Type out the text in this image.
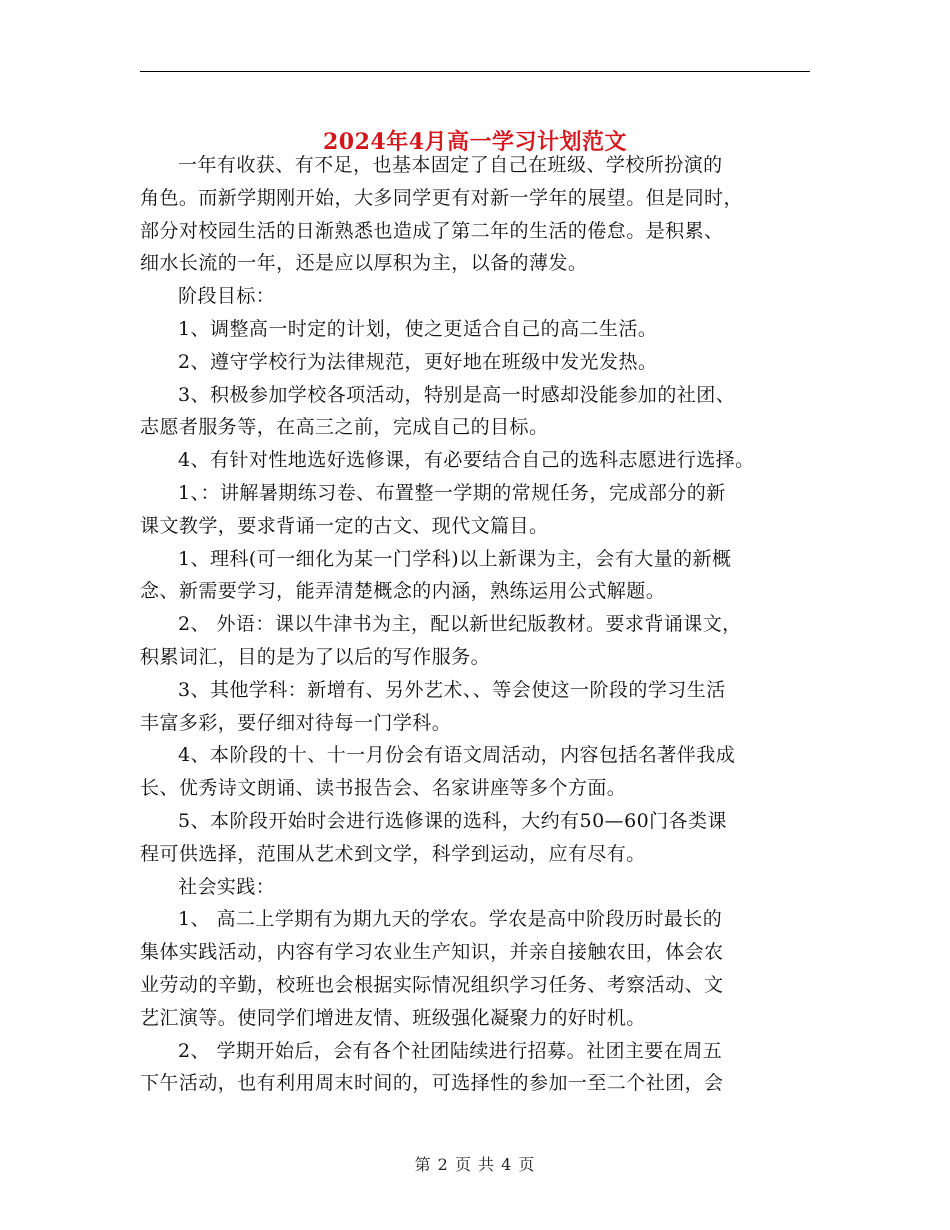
2024年4月高一学习计划范文

一年有收获、有不足，也基本固定了自己在班级、学校所扮演的
角色。而新学期刚开始，大多同学更有对新一学年的展望。但是同时，
部分对校园生活的日渐熟悉也造成了第二年的生活的倦怠。是积累、
细水长流的一年，还是应以厚积为主，以备的薄发。

阶段目标：

1、调整高一时定的计划，使之更适合自己的高二生活。

2、遵守学校行为法律规范，更好地在班级中发光发热。

3、积极参加学校各项活动，特别是高一时感却没能参加的社团、
志愿者服务等，在高三之前，完成自己的目标。

4、有针对性地选好选修课，有必要结合自己的选科志愿进行选择。

1、：讲解暑期练习卷、布置整一学期的常规任务，完成部分的新
课文教学，要求背诵一定的古文、现代文篇目。

1、理科(可一细化为某一门学科)以上新课为主，会有大量的新概
念、新需要学习，能弄清楚概念的内涵，熟练运用公式解题。

2、 外语：课以牛津书为主，配以新世纪版教材。要求背诵课文，
积累词汇，目的是为了以后的写作服务。

3、其他学科：新增有、另外艺术、、等会使这一阶段的学习生活
丰富多彩，要仔细对待每一门学科。

4、本阶段的十、十一月份会有语文周活动，内容包括名著伴我成
长、优秀诗文朗诵、读书报告会、名家讲座等多个方面。

5、本阶段开始时会进行选修课的选科，大约有50—60门各类课
程可供选择，范围从艺术到文学，科学到运动，应有尽有。

社会实践：

1、 高二上学期有为期九天的学农。学农是高中阶段历时最长的
集体实践活动，内容有学习农业生产知识，并亲自接触农田，体会农
业劳动的辛勤，校班也会根据实际情况组织学习任务、考察活动、文
艺汇演等。使同学们增进友情、班级强化凝聚力的好时机。

2、 学期开始后，会有各个社团陆续进行招募。社团主要在周五
下午活动，也有利用周末时间的，可选择性的参加一至二个社团，会

第 2 页 共 4 页
